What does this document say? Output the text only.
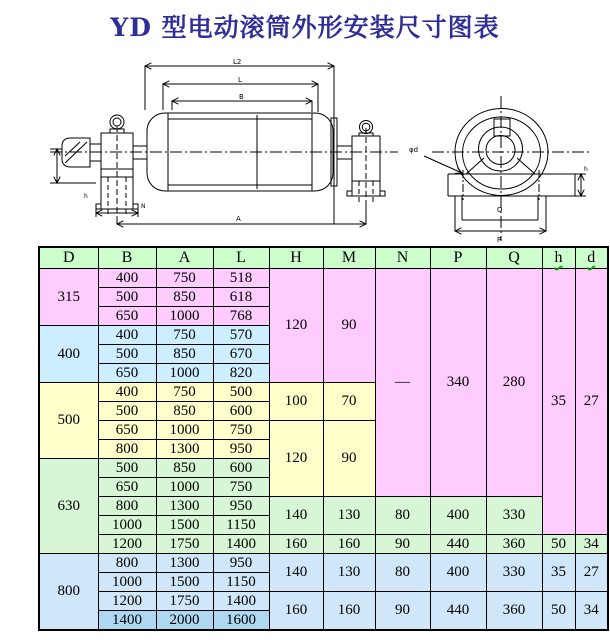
YD 型电动滚筒外形安装尺寸图表
L2
L
B
A
h
N
φd
P
Q
h
D	B	A	L	H	M	N	P	Q	h	d
315	400	750	518	120	90	—	340	280	35	27
	500	850	618							
	650	1000	768							
400	400	750	570							
	500	850	670							
	650	1000	820							
500	400	750	500	100	70					
	500	850	600							
	650	1000	750	120	90					
	800	1300	950							
630	500	850	600							
	650	1000	750							
	800	1300	950	140	130	80	400	330		
	1000	1500	1150							
	1200	1750	1400	160	160	90	440	360	50	34
800	800	1300	950	140	130	80	400	330	35	27
	1000	1500	1150							
	1200	1750	1400	160	160	90	440	360	50	34
	1400	2000	1600							
